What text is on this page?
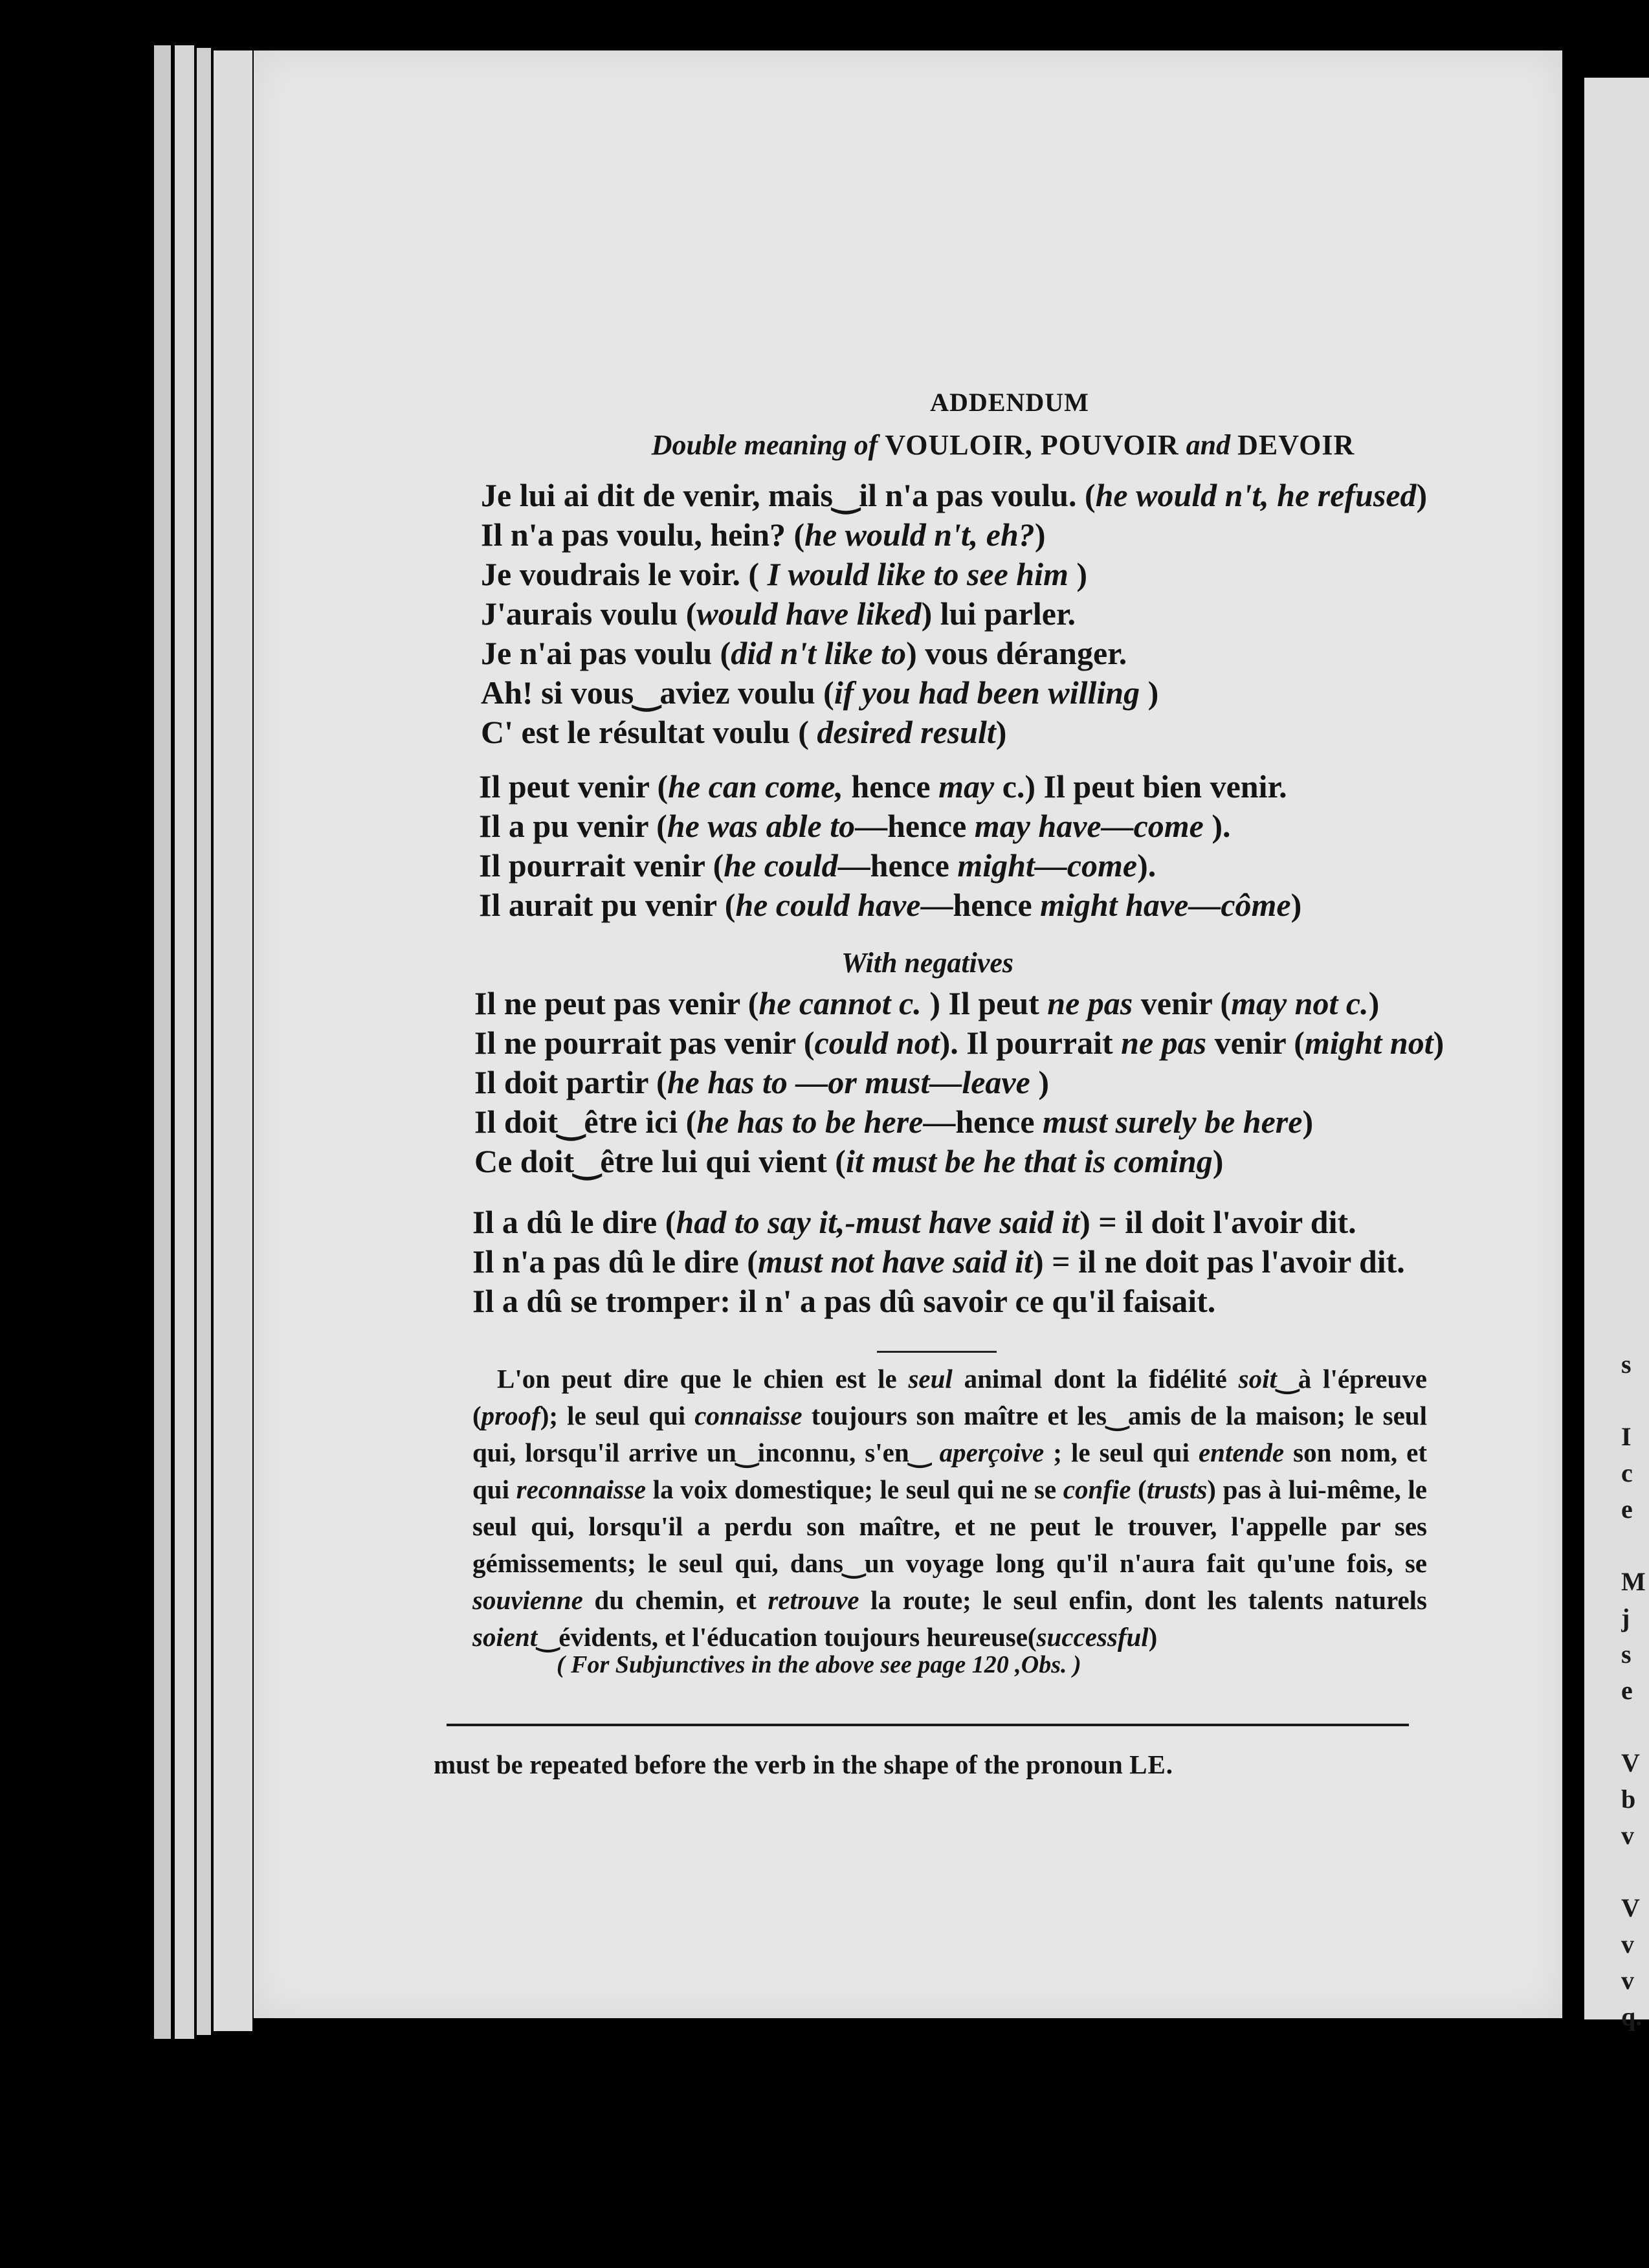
s

I
c
e

M
j
s
e

V
b
v

V
v
v
q.
ADDENDUM
Double meaning of VOULOIR, POUVOIR and DEVOIR
Je lui ai dit de venir, mais‿il n'a pas voulu. (he would n't, he refused)
Il n'a pas voulu, hein? (he would n't, eh?)
Je voudrais le voir. ( I would like to see him )
J'aurais voulu (would have liked) lui parler.
Je n'ai pas voulu (did n't like to) vous déranger.
Ah! si vous‿aviez voulu (if you had been willing )
C' est le résultat voulu ( desired result)
Il peut venir (he can come, hence may c.) Il peut bien venir.
Il a pu venir (he was able to—hence may have—come ).
Il pourrait venir (he could—hence might—come).
Il aurait pu venir (he could have—hence might have—côme)
With negatives
Il ne peut pas venir (he cannot c. ) Il peut ne pas venir (may not c.)
Il ne pourrait pas venir (could not). Il pourrait ne pas venir (might not)
Il doit partir (he has to —or must—leave )
Il doit‿être ici (he has to be here—hence must surely be here)
Ce doit‿être lui qui vient (it must be he that is coming)
Il a dû le dire (had to say it,-must have said it) = il doit l'avoir dit.
Il n'a pas dû le dire (must not have said it) = il ne doit pas l'avoir dit.
Il a dû se tromper: il n' a pas dû savoir ce qu'il faisait.

L'on peut dire que le chien est le seul animal dont la fidélité soit‿à l'épreuve (proof); le seul qui connaisse toujours son maître et les‿amis de la maison; le seul qui, lorsqu'il arrive un‿inconnu, s'en‿ aperçoive ; le seul qui entende son nom, et qui reconnaisse la voix domestique; le seul qui ne se confie (trusts) pas à lui-même, le seul qui, lorsqu'il a perdu son maître, et ne peut le trouver, l'appelle par ses gémissements; le seul qui, dans‿un voyage long qu'il n'aura fait qu'une fois, se souvienne du chemin, et retrouve la route; le seul enfin, dont les talents naturels soient‿évidents, et l'éducation toujours heureuse(successful)

( For Subjunctives in the above see page 120 ,Obs. )
must be repeated before the verb in the shape of the pronoun LE.
